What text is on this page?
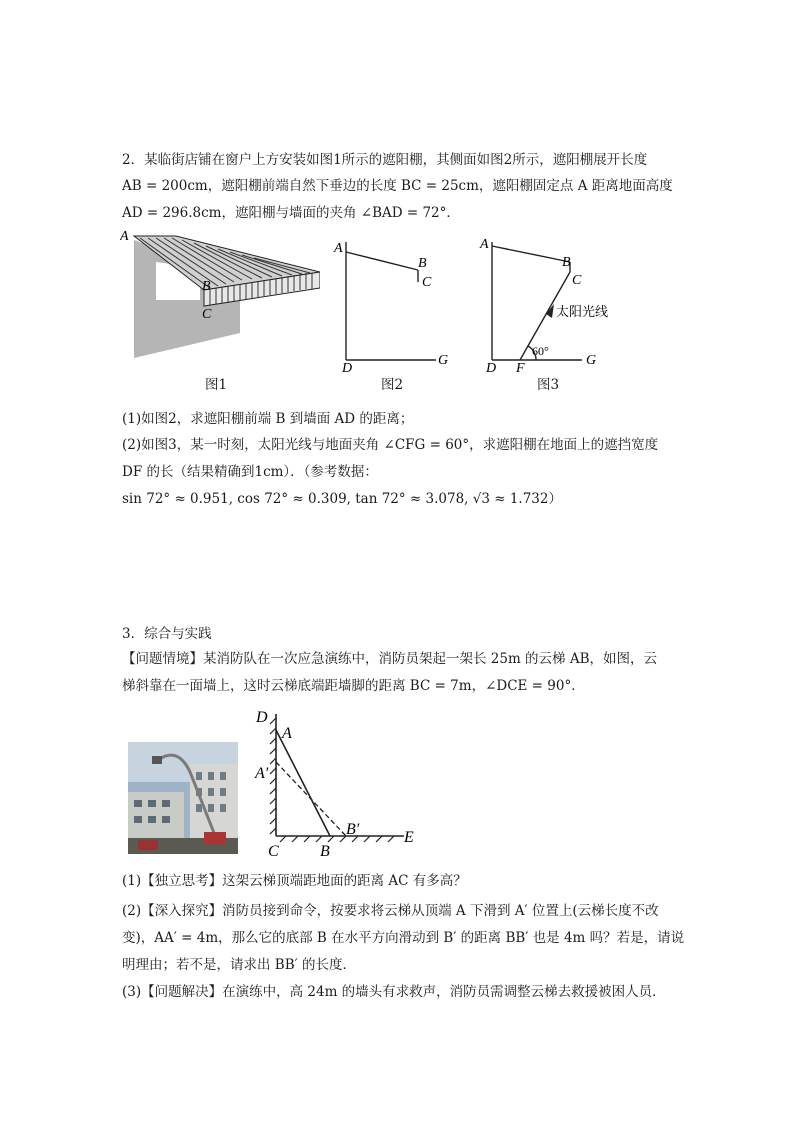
2．某临街店铺在窗户上方安装如图1所示的遮阳棚，其侧面如图2所示，遮阳棚展开长度
AB = 200cm，遮阳棚前端自然下垂边的长度 BC = 25cm，遮阳棚固定点 A 距离地面高度
AD = 296.8cm，遮阳棚与墙面的夹角 ∠BAD = 72°．
A
B
C
图1
A
B
C
D
G
图2
A
B
C
D F
G
太阳光线
60°
图3
(1)如图2，求遮阳棚前端 B 到墙面 AD 的距离；
(2)如图3，某一时刻，太阳光线与地面夹角 ∠CFG = 60°，求遮阳棚在地面上的遮挡宽度
DF 的长（结果精确到1cm）．（参考数据：
sin 72° ≈ 0.951, cos 72° ≈ 0.309, tan 72° ≈ 3.078, √3 ≈ 1.732）
3．综合与实践
【问题情境】某消防队在一次应急演练中，消防员架起一架长 25m 的云梯 AB，如图，云
梯斜靠在一面墙上，这时云梯底端距墙脚的距离 BC = 7m，∠DCE = 90°．
D
A
A′
B′
C	B
E
(1)【独立思考】这架云梯顶端距地面的距离 AC 有多高？
(2)【深入探究】消防员接到命令，按要求将云梯从顶端 A 下滑到 A′ 位置上(云梯长度不改
变)，AA′ = 4m，那么它的底部 B 在水平方向滑动到 B′ 的距离 BB′ 也是 4m 吗？若是，请说
明理由；若不是，请求出 BB′ 的长度．
(3)【问题解决】在演练中，高 24m 的墙头有求救声，消防员需调整云梯去救援被困人员．
